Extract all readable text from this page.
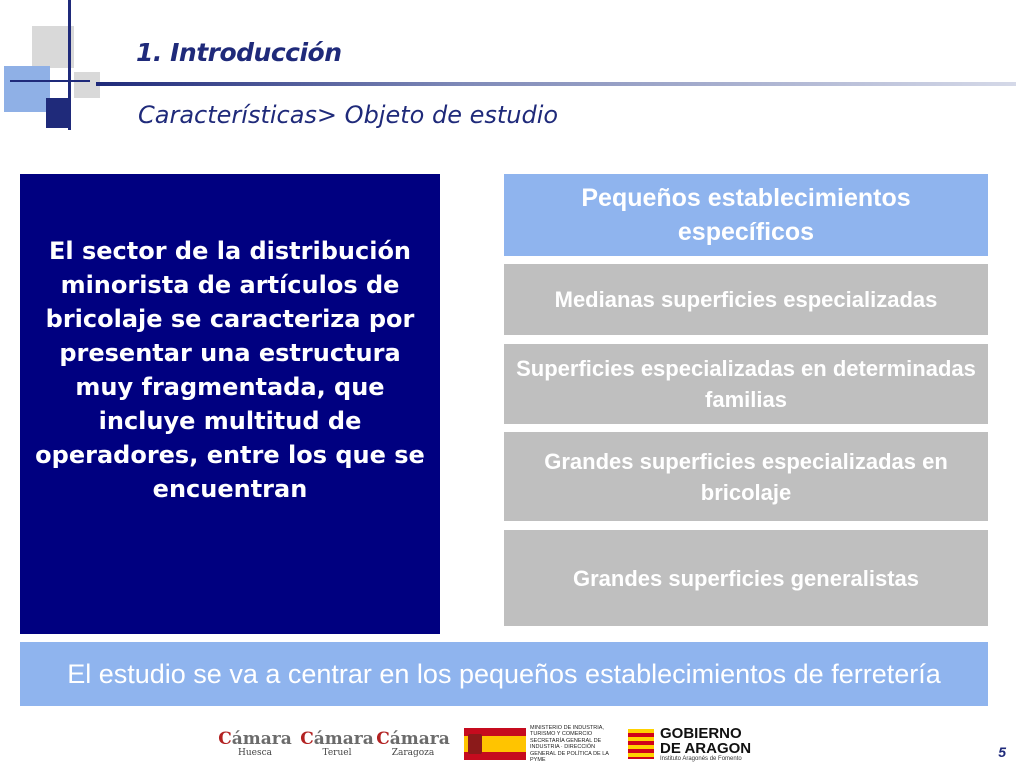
1. Introducción
Características> Objeto de estudio
El sector de la distribución minorista de artículos de bricolaje se caracteriza por presentar una estructura muy fragmentada, que incluye multitud de operadores, entre los que se encuentran
Pequeños establecimientos específicos
Medianas superficies especializadas
Superficies especializadas en determinadas familias
Grandes superficies especializadas en bricolaje
Grandes superficies generalistas
El estudio se va a centrar en los pequeños establecimientos de ferretería
Cámara
Huesca
Cámara
Teruel
Cámara
Zaragoza
MINISTERIO DE INDUSTRIA, TURISMO Y COMERCIO
SECRETARÍA GENERAL DE INDUSTRIA · DIRECCIÓN GENERAL DE POLÍTICA DE LA PYME
GOBIERNO
DE ARAGON
Instituto Aragonés de Fomento	5
